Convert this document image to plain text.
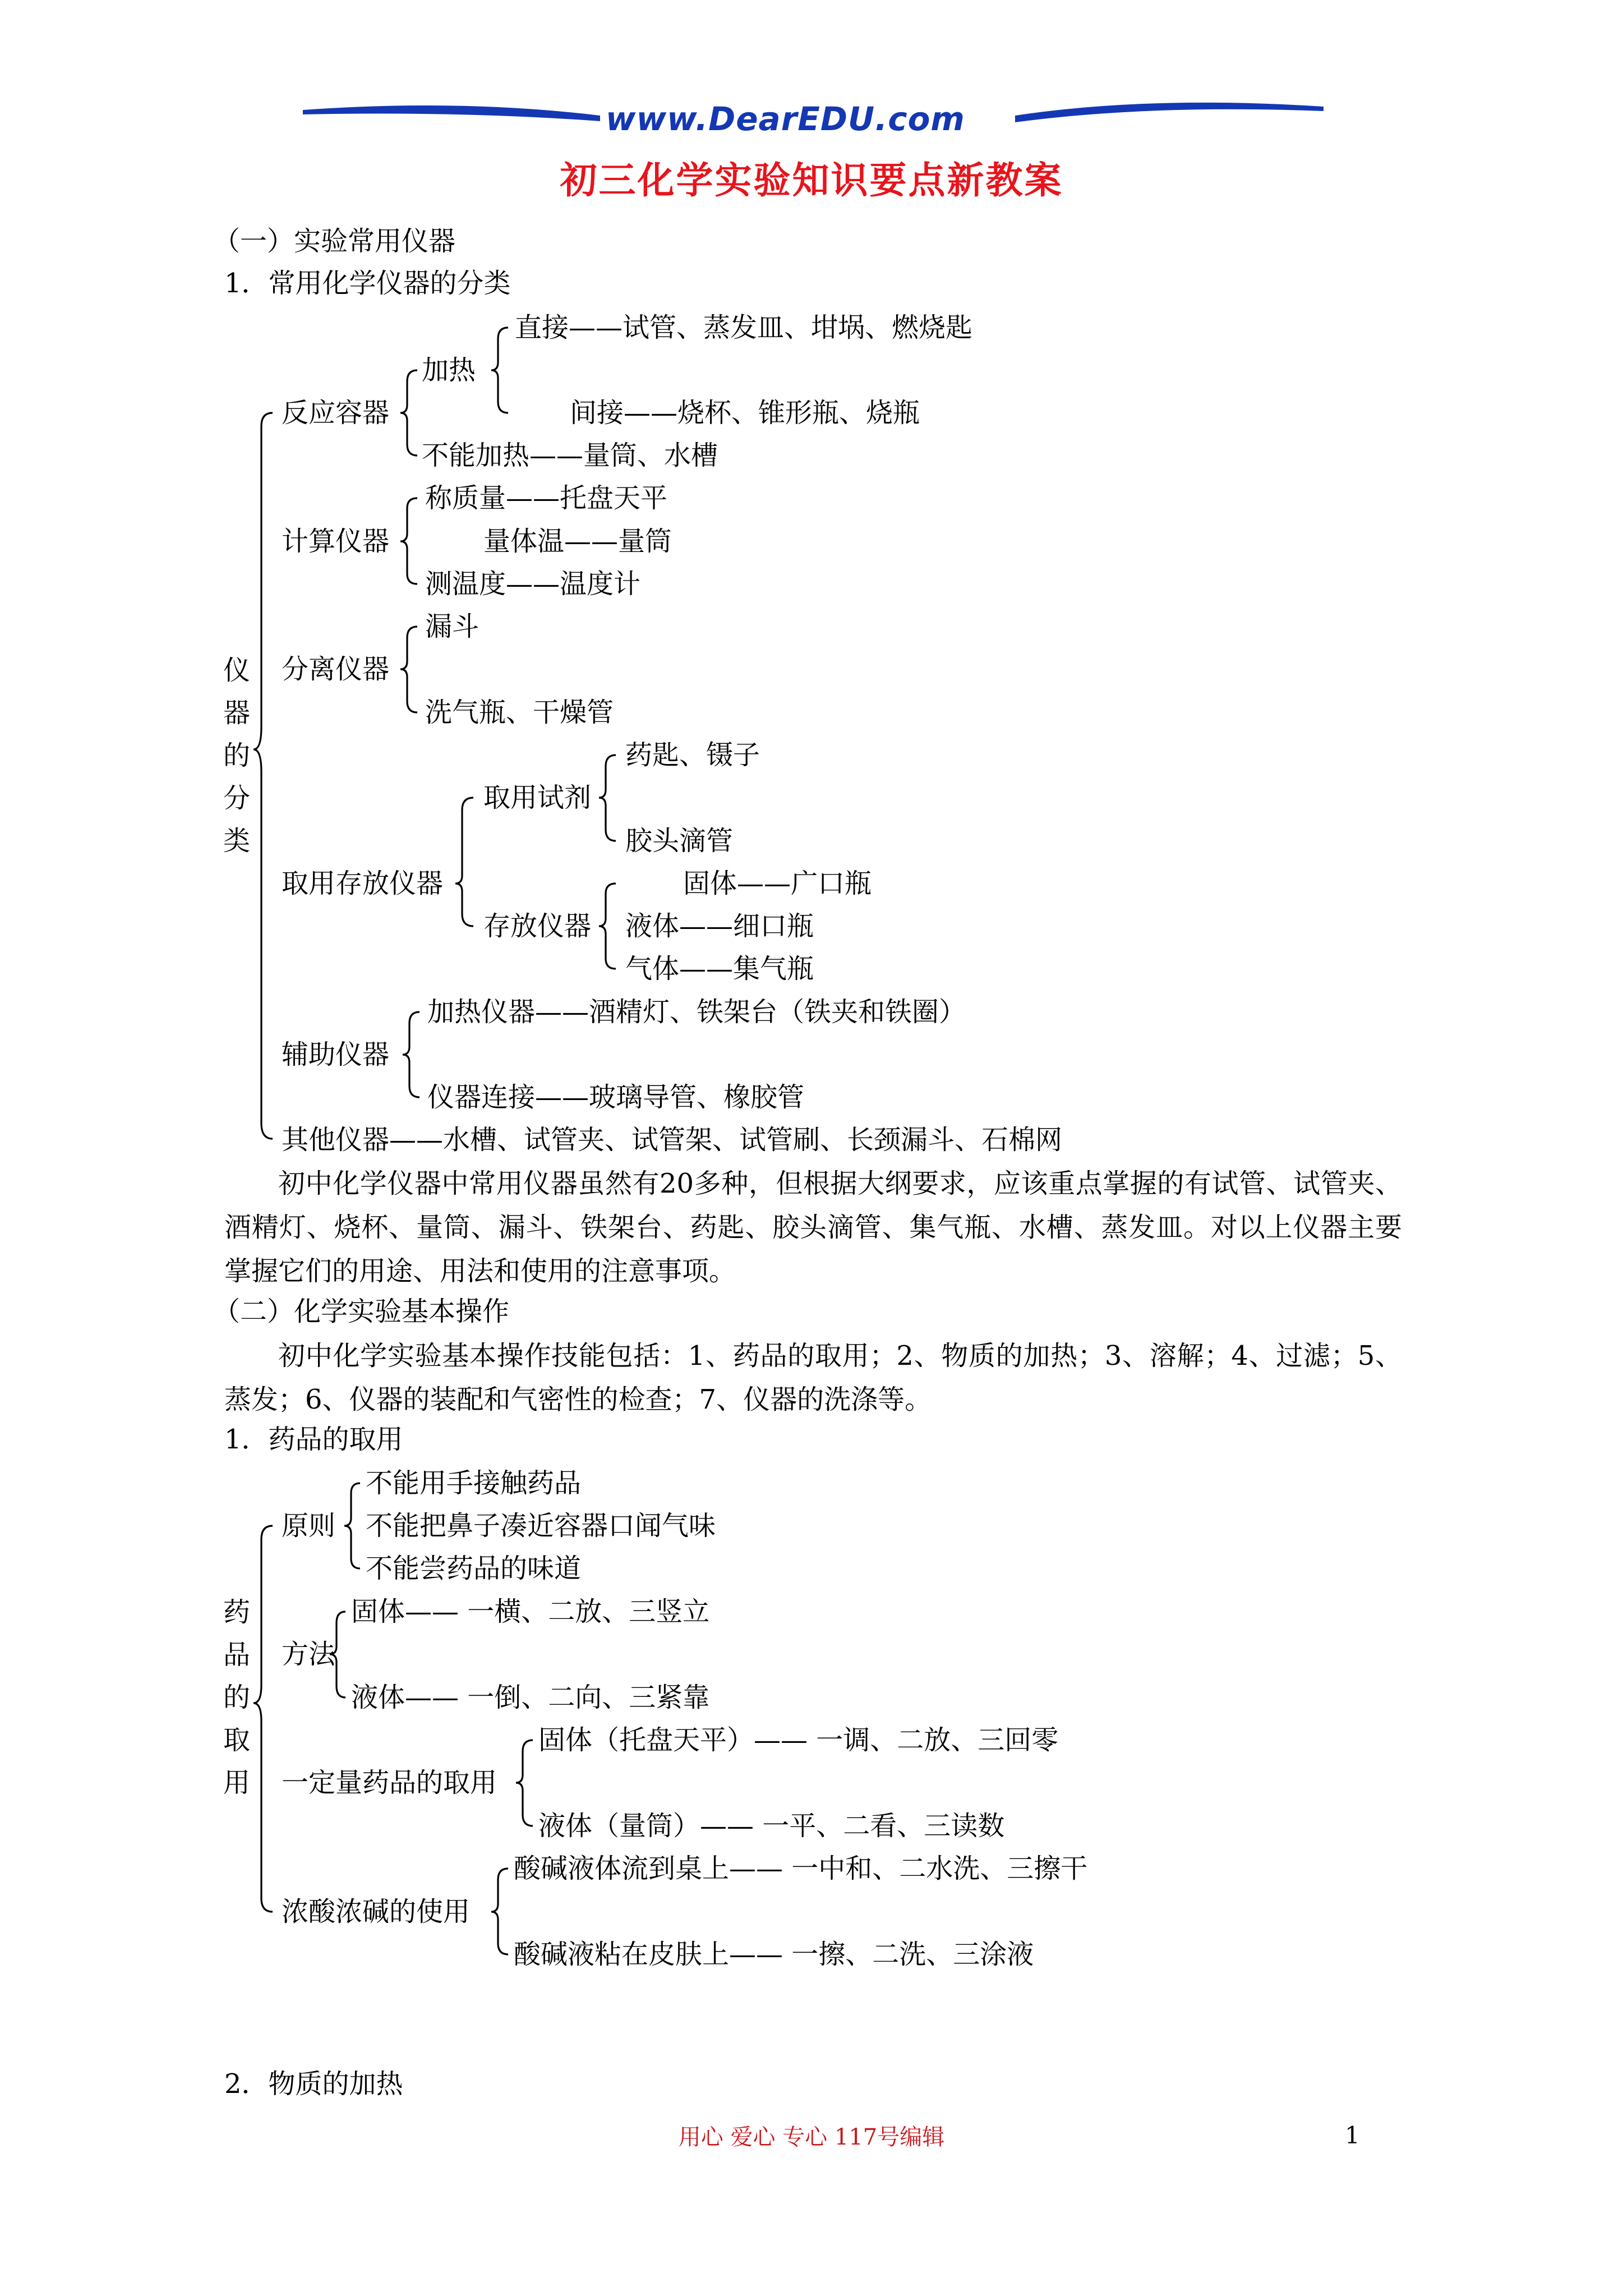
www.DearEDU.com
初三化学实验知识要点新教案
（一）实验常用仪器
1．常用化学仪器的分类
仪器的分类
反应容器
加热
直接——试管、蒸发皿、坩埚、燃烧匙
间接——烧杯、锥形瓶、烧瓶
不能加热——量筒、水槽
计算仪器
称质量——托盘天平
量体温——量筒
测温度——温度计
分离仪器
漏斗
洗气瓶、干燥管
取用存放仪器
取用试剂
药匙、镊子
胶头滴管
存放仪器
固体——广口瓶
液体——细口瓶
气体——集气瓶
辅助仪器
加热仪器——酒精灯、铁架台（铁夹和铁圈）
仪器连接——玻璃导管、橡胶管
其他仪器——水槽、试管夹、试管架、试管刷、长颈漏斗、石棉网
初中化学仪器中常用仪器虽然有20多种，但根据大纲要求，应该重点掌握的有试管、试管夹、酒精灯、烧杯、量筒、漏斗、铁架台、药匙、胶头滴管、集气瓶、水槽、蒸发皿。对以上仪器主要掌握它们的用途、用法和使用的注意事项。
（二）化学实验基本操作
初中化学实验基本操作技能包括：1、药品的取用；2、物质的加热；3、溶解；4、过滤；5、蒸发；6、仪器的装配和气密性的检查；7、仪器的洗涤等。
1．药品的取用
药品的取用
原则
不能用手接触药品
不能把鼻子凑近容器口闻气味
不能尝药品的味道
方法
固体—— 一横、二放、三竖立
液体—— 一倒、二向、三紧靠
一定量药品的取用
固体（托盘天平）—— 一调、二放、三回零
液体（量筒）—— 一平、二看、三读数
浓酸浓碱的使用
酸碱液体流到桌上—— 一中和、二水洗、三擦干
酸碱液粘在皮肤上—— 一擦、二洗、三涂液
2．物质的加热
用心 爱心 专心 117号编辑	1
